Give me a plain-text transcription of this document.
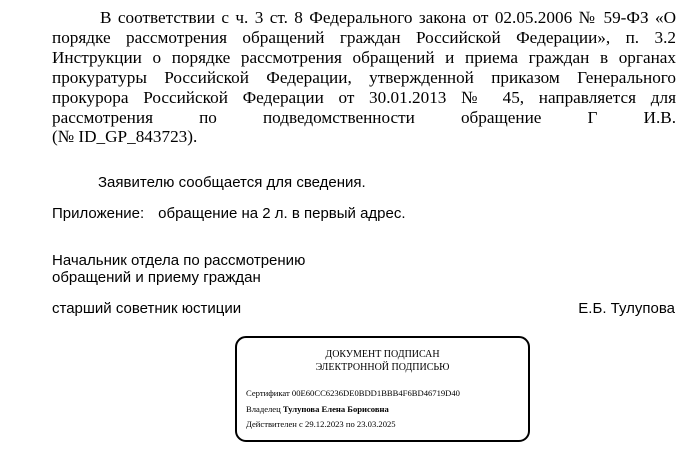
В соответствии с ч. 3 ст. 8 Федерального закона от 02.05.2006 № 59-ФЗ «О
порядке рассмотрения обращений граждан Российской Федерации», п. 3.2
Инструкции о порядке рассмотрения обращений и приема граждан в органах
прокуратуры Российской Федерации, утвержденной приказом Генерального
прокурора Российской Федерации от 30.01.2013 № 45, направляется для
рассмотрения по подведомственности обращение Г И.В.
(№ ID_GP_843723).

Заявителю сообщается для сведения.
Приложение: обращение на 2 л. в первый адрес.
Начальник отдела по рассмотрению
обращений и приему граждан
старший советник юстиции	Е.Б. Тулупова
ДОКУМЕНТ ПОДПИСАН
ЭЛЕКТРОННОЙ ПОДПИСЬЮ
Сертификат 00E60CC6236DE0BDD1BBB4F6BD46719D40
Владелец Тулупова Елена Борисовна
Действителен с 29.12.2023 по 23.03.2025
